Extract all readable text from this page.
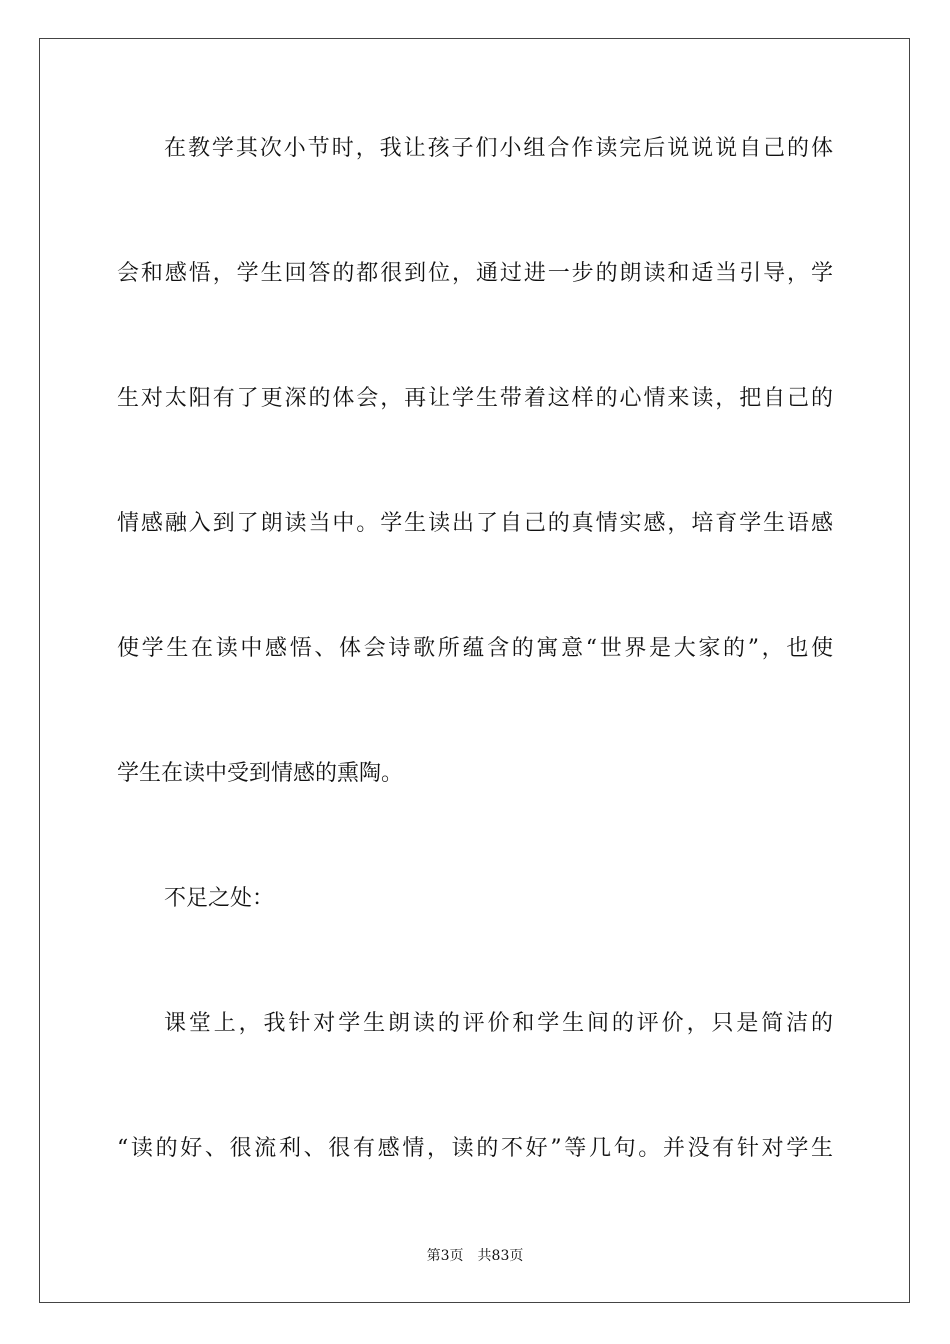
在教学其次小节时，我让孩子们小组合作读完后说说说自己的体
会和感悟，学生回答的都很到位，通过进一步的朗读和适当引导，学
生对太阳有了更深的体会，再让学生带着这样的心情来读，把自己的
情感融入到了朗读当中。学生读出了自己的真情实感，培育学生语感
使学生在读中感悟、体会诗歌所蕴含的寓意“世界是大家的”，也使
学生在读中受到情感的熏陶。
不足之处：
课堂上，我针对学生朗读的评价和学生间的评价，只是简洁的
“读的好、很流利、很有感情，读的不好”等几句。并没有针对学生
第3页 共83页
